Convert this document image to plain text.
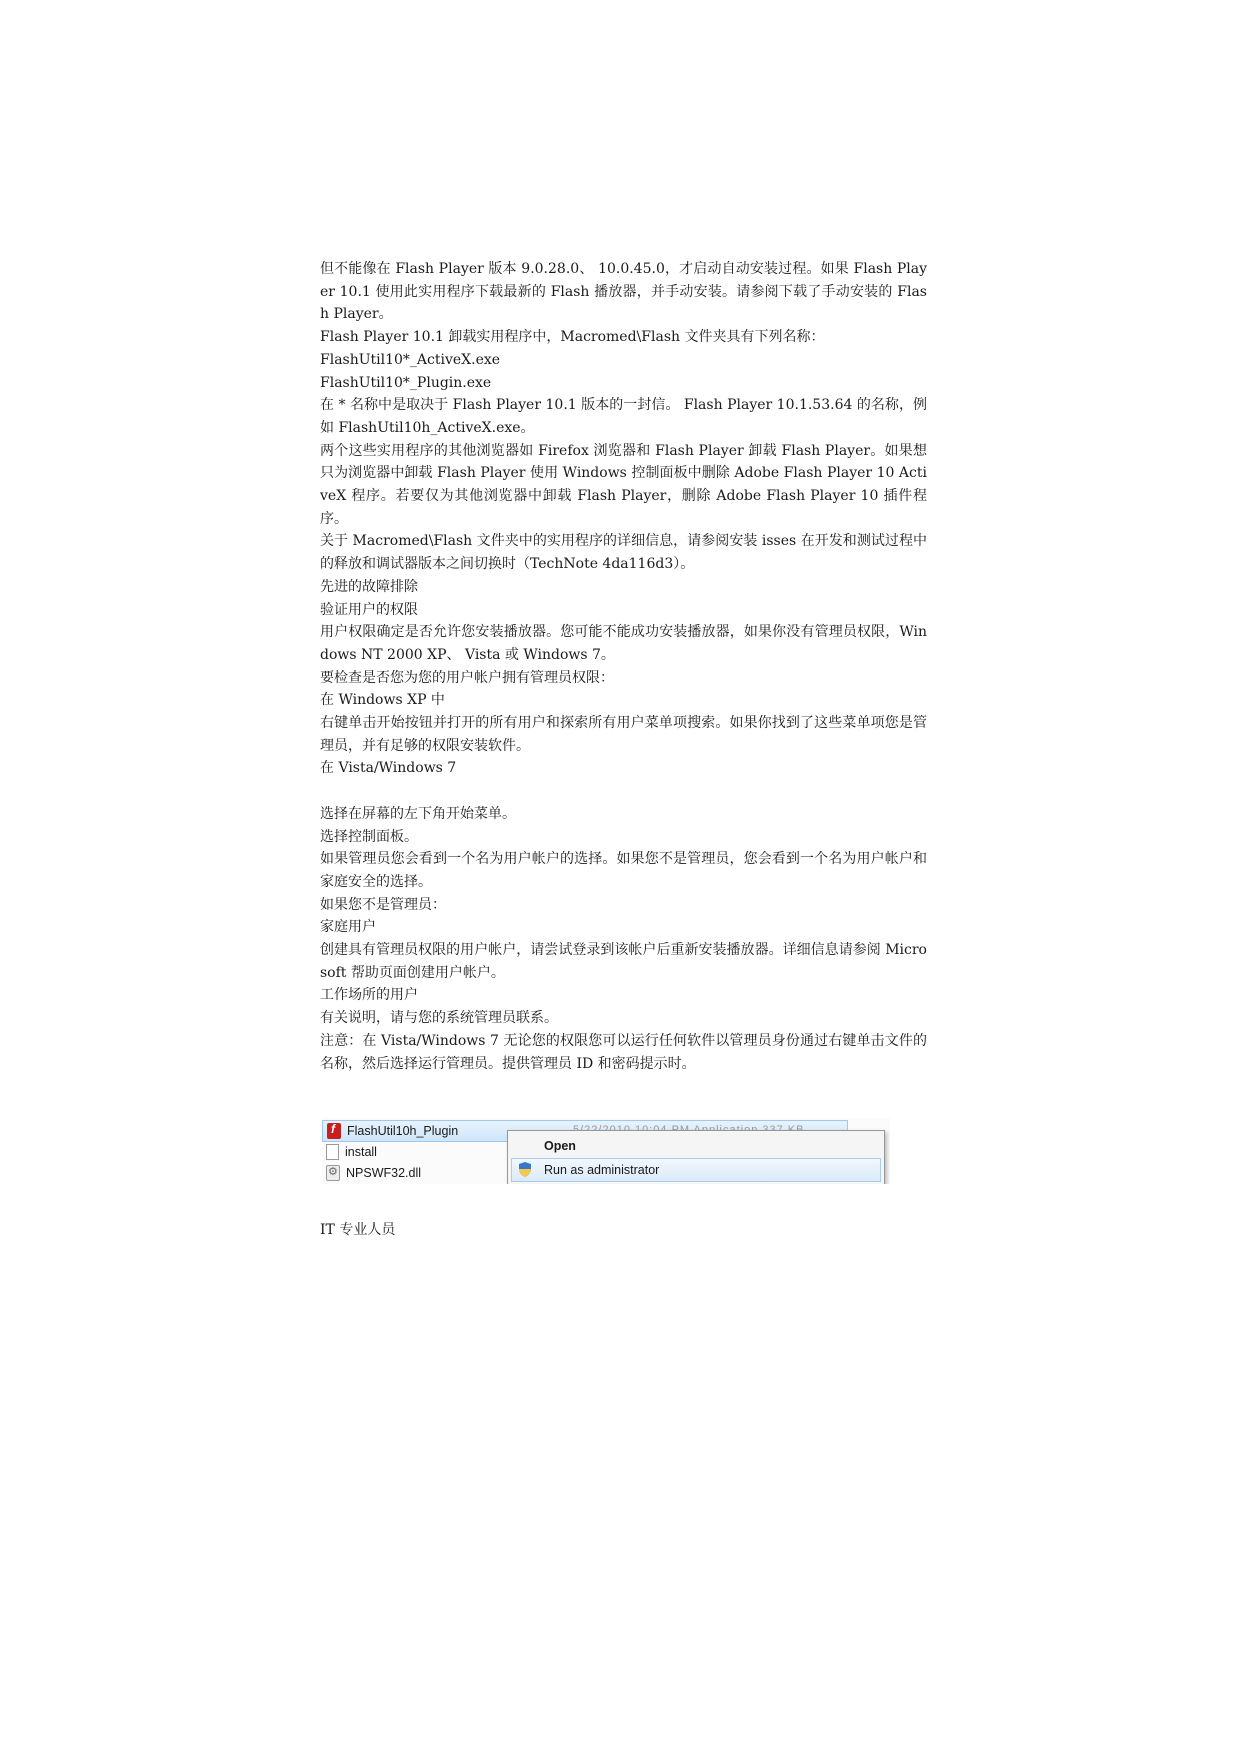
但不能像在 Flash Player 版本 9.0.28.0、 10.0.45.0，才启动自动安装过程。如果 Flash Player 10.1 使用此实用程序下载最新的 Flash 播放器，并手动安装。请参阅下载了手动安装的 Flash Player。

Flash Player 10.1 卸载实用程序中，Macromed\Flash 文件夹具有下列名称：

FlashUtil10*_ActiveX.exe

FlashUtil10*_Plugin.exe

在 * 名称中是取决于 Flash Player 10.1 版本的一封信。 Flash Player 10.1.53.64 的名称，例如 FlashUtil10h_ActiveX.exe。

两个这些实用程序的其他浏览器如 Firefox 浏览器和 Flash Player 卸载 Flash Player。如果想只为浏览器中卸载 Flash Player 使用 Windows 控制面板中删除 Adobe Flash Player 10 ActiveX 程序。若要仅为其他浏览器中卸载 Flash Player，删除 Adobe Flash Player 10 插件程序。

关于 Macromed\Flash 文件夹中的实用程序的详细信息，请参阅安装 isses 在开发和测试过程中的释放和调试器版本之间切换时（TechNote 4da116d3）。

先进的故障排除

验证用户的权限

用户权限确定是否允许您安装播放器。您可能不能成功安装播放器，如果你没有管理员权限，Windows NT 2000 XP、 Vista 或 Windows 7。

要检查是否您为您的用户帐户拥有管理员权限：

在 Windows XP 中

右键单击开始按钮并打开的所有用户和探索所有用户菜单项搜索。如果你找到了这些菜单项您是管理员，并有足够的权限安装软件。

在 Vista/Windows 7

选择在屏幕的左下角开始菜单。

选择控制面板。

如果管理员您会看到一个名为用户帐户的选择。如果您不是管理员，您会看到一个名为用户帐户和家庭安全的选择。

如果您不是管理员：

家庭用户

创建具有管理员权限的用户帐户，请尝试登录到该帐户后重新安装播放器。详细信息请参阅 Microsoft 帮助页面创建用户帐户。

工作场所的用户

有关说明，请与您的系统管理员联系。

注意：在 Vista/Windows 7 无论您的权限您可以运行任何软件以管理员身份通过右键单击文件的名称，然后选择运行管理员。提供管理员 ID 和密码提示时。

f
FlashUtil10h_Plugin
install
⚙
NPSWF32.dll
Open
Run as administrator
IT 专业人员
